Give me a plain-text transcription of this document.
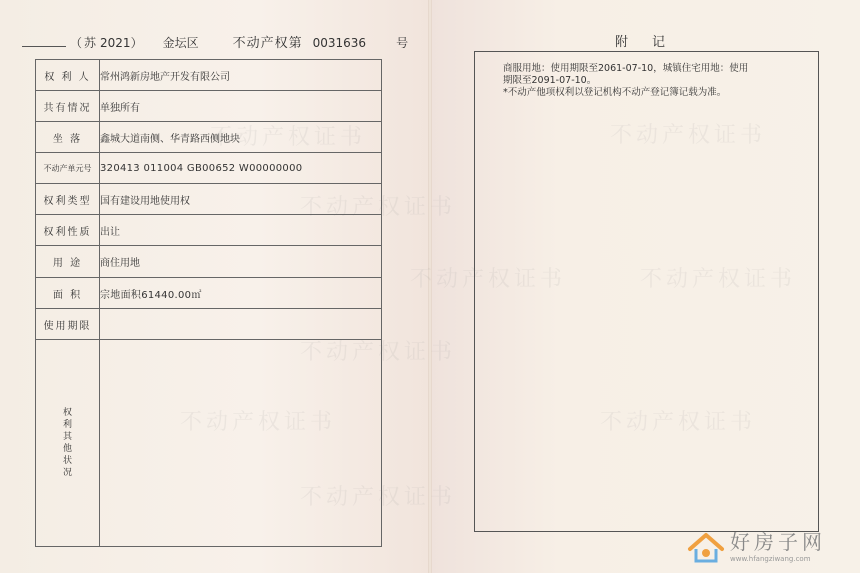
（ 苏 2021） 金坛区	不动产权第 0031636	号
权 利 人	常州鸿新房地产开发有限公司
共有情况	单独所有
坐 落	鑫城大道南侧、华青路西侧地块
不动产单元号	320413 011004 GB00652 W00000000
权利类型	国有建设用地使用权
权利性质	出让
用 途	商住用地
面 积	宗地面积61440.00㎡
使用期限	
权利其他状况	
附记

商服用地：使用期限至2061-07-10，城镇住宅用地：使用

期限至2091-07-10。

*不动产他项权利以登记机构不动产登记簿记载为准。

好房子网
www.hfangziwang.com
